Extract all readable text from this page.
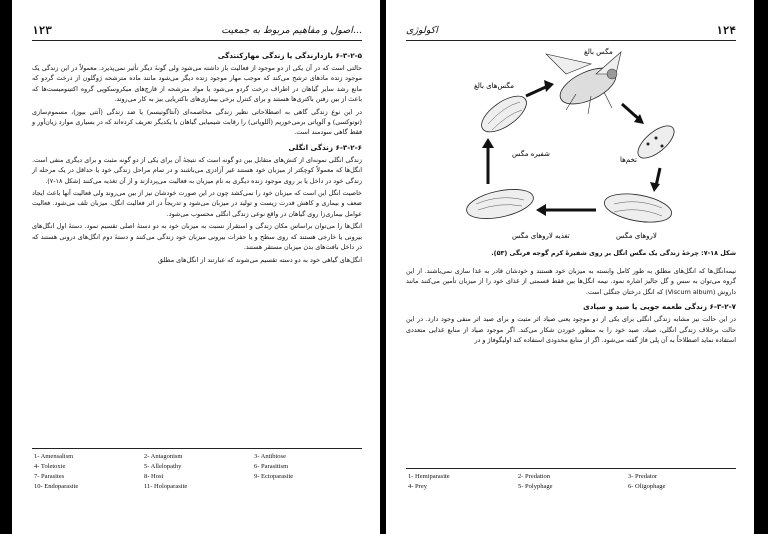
۱۲۳	اصول و مفاهیم مربوط به جمعیت...
۶-۳-۲-۵ بازدارندگی یا زندگی مهارکنندگی

حالتی است که در آن یکی از دو موجود از فعالیت باز داشته می‌شود ولی گونهٔ دیگر تأثیر نمی‌پذیرد. معمولاً در این زندگی یک موجود زنده مادهای ترشح می‌کند که موجب مهار موجود زنده دیگر می‌شود مانند ماده مترشحه ژوگلون از درخت گردو که مانع رشد سایر گیاهان در اطراف درخت گردو می‌شود یا مواد مترشحه از قارچ‌های میکروسکوپی گروه اکتینومیست‌ها که باعث از بین رفتن باکتری‌ها هستند و برای کنترل برخی بیماری‌های باکتریایی بیز به کار می‌روند.

در این نوع زندگی گاهی به اصطلاحاتی نظیر زندگی مخاصمه‌ای (آنتاگونیسم) یا ضد زندگی (آنتی بیوز)، مسموم‌سازی (توتوکسی) و آلوپاتی برمی‌خوریم (آللوپاتی) را رقابت شیمیایی گیاهان با یکدیگر تعریف کرده‌اند که در بسیاری موارد زیان‌آور و فقط گاهی سودمند است.

۶-۳-۲-۶ زندگی انگلی

زندگی انگلی نمونه‌ای از کنش‌های متقابل بین دو گونه است که نتیجهٔ آن برای یکی از دو گونه مثبت و برای دیگری منفی است. انگل‌ها که معمولاً کوچکتر از میزبان خود هستند غیر آزادزی می‌باشند و در تمام مراحل زندگی خود یا حداقل در یک مرحله از زندگی خود در داخل یا بر روی موجود زنده دیگری به نام میزبان به فعالیت می‌پردازند و از آن تغذیه می‌کنند (شکل ۱۸-۷).

خاصیت انگل این است که میزبان خود را نمی‌کشد چون در این صورت خودشان نیز از بین می‌روند ولی فعالیت آنها باعث ایجاد ضعف و بیماری و کاهش قدرت زیست و تولید در میزبان می‌شود و تدریجاً در اثر فعالیت انگل، میزبان تلف می‌شود. فعالیت عوامل بیماری‌زا روی گیاهان در واقع نوعی زندگی انگلی محسوب می‌شود.

انگل‌ها را می‌توان براساس مکان زندگی و استقرار نسبت به میزبان خود به دو دستهٔ اصلی تقسیم نمود. دستهٔ اول انگل‌های بیرونی یا خارجی هستند که روی سطح و یا حفرات بیرونی میزبان خود زندگی می‌کنند و دستهٔ دوم انگل‌های درونی هستند که در داخل بافت‌های بدن میزبان مستقر هستند.

انگل‌های گیاهی خود به دو دسته تقسیم می‌شوند که عبارتند از انگل‌های مطلق

1- Amensalism	2- Antagonism	3- Antibiose
4- Toletoxie	5- Allelopathy	6- Parasitism
7- Parasites	8- Host	9- Ectoparasite
10- Endoparasite	11- Holoparasite
اکولوژی	۱۲۴
مگس بالغ
مگس‌های بالغ
شفیره مگس
تخم‌ها
لاروهای مگس
تغذیه لاروهای مگس

شکل ۱۸-۷: چرخهٔ زندگی یک مگس انگل بر روی شفیرهٔ کرم گوجه فرنگی (۵۳).

نیمه‌انگل‌ها که انگل‌های مطلق به طور کامل وابسته به میزبان خود هستند و خودشان قادر به غذا سازی نمی‌باشند. از این گروه می‌توان به سس و گل جالیز اشاره نمود. نیمه انگل‌ها بین فقط قسمتی از غذای خود را از میزبان تأمین می‌کنند مانند داروش (Viscum album) که انگل درختان جنگلی است.

۶-۳-۲-۷ زندگی طعمه جویی یا صید و صیادی

در این حالت نیز مشابه زندگی انگلی برای یکی از دو موجود یعنی صیاد اثر مثبت و برای صید اثر منفی وجود دارد. در این حالت برخلاف زندگی انگلی، صیاد، صید خود را به منظور خوردن شکار می‌کند. اگر موجود صیاد از منابع غذایی متعددی استفاده نماید اصطلاحاً به آن پلی فاژ گفته می‌شود. اگر از منابع محدودی استفاده کند اولیگوفاژ و در

1- Hemiparasite	2- Predation	3- Predator
4- Prey	5- Polyphage	6- Oligophage
